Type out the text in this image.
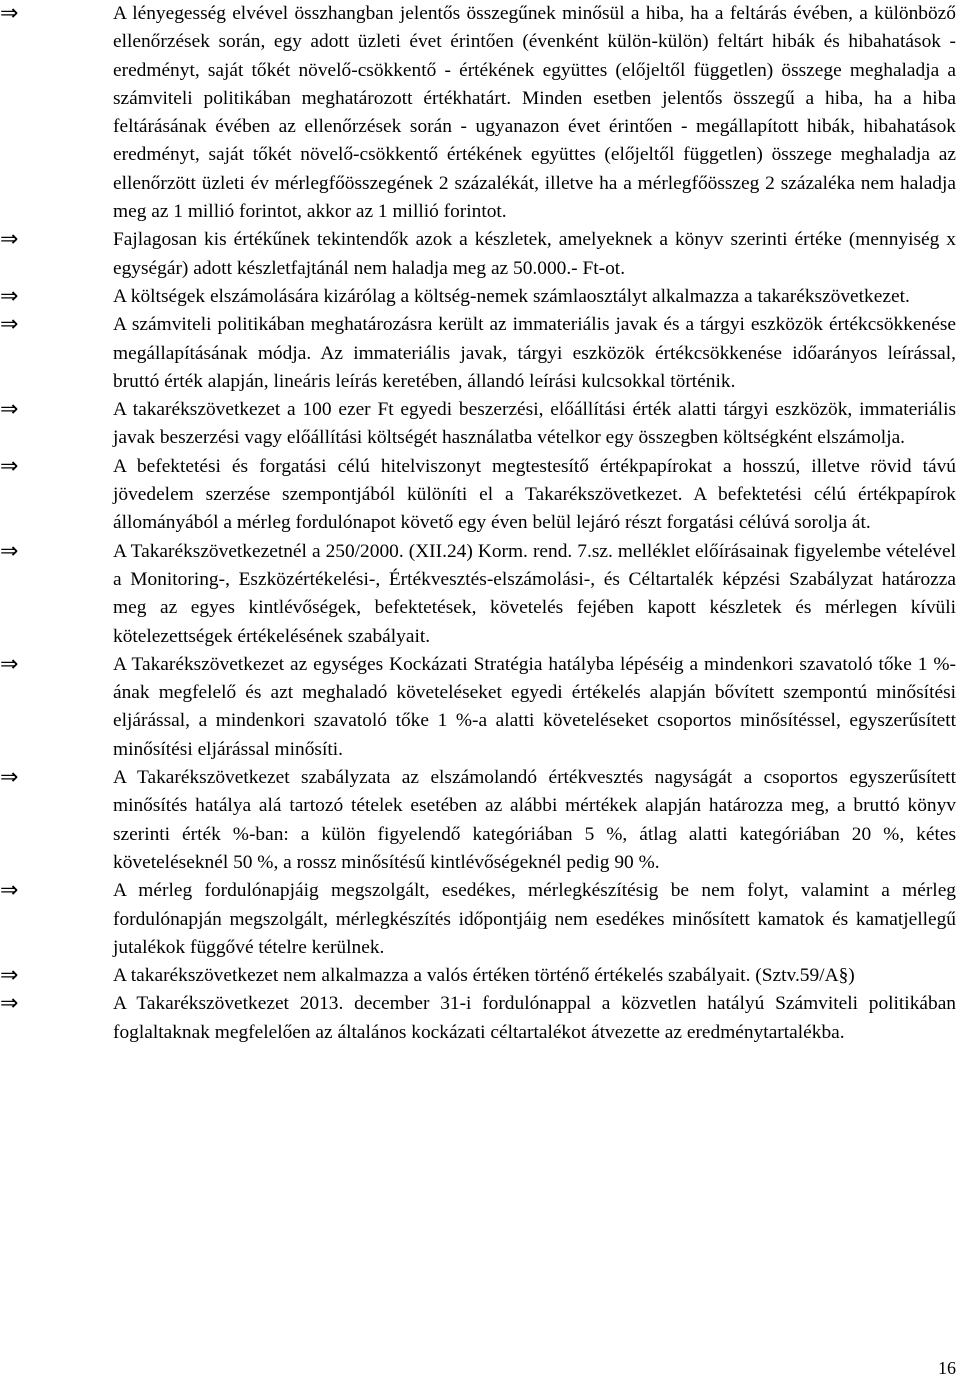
⇒	A lényegesség elvével összhangban jelentős összegűnek minősül a hiba, ha a feltárás évében, a különböző ellenőrzések során, egy adott üzleti évet érintően (évenként külön-külön) feltárt hibák és hibahatások - eredményt, saját tőkét növelő-csökkentő - értékének együttes (előjeltől független) összege meghaladja a számviteli politikában meghatározott értékhatárt. Minden esetben jelentős összegű a hiba, ha a hiba feltárásának évében az ellenőrzések során - ugyanazon évet érintően - megállapított hibák, hibahatások eredményt, saját tőkét növelő-csökkentő értékének együttes (előjeltől független) összege meghaladja az ellenőrzött üzleti év mérlegfőösszegének 2 százalékát, illetve ha a mérlegfőösszeg 2 százaléka nem haladja meg az 1 millió forintot, akkor az 1 millió forintot.
⇒	Fajlagosan kis értékűnek tekintendők azok a készletek, amelyeknek a könyv szerinti értéke (mennyiség x egységár) adott készletfajtánál nem haladja meg az 50.000.- Ft-ot.
⇒	A költségek elszámolására kizárólag a költség-nemek számlaosztályt alkalmazza a takarékszövetkezet.
⇒	A számviteli politikában meghatározásra került az immateriális javak és a tárgyi eszközök értékcsökkenése megállapításának módja. Az immateriális javak, tárgyi eszközök értékcsökkenése időarányos leírással, bruttó érték alapján, lineáris leírás keretében, állandó leírási kulcsokkal történik.
⇒	A takarékszövetkezet a 100 ezer Ft egyedi beszerzési, előállítási érték alatti tárgyi eszközök, immateriális javak beszerzési vagy előállítási költségét használatba vételkor egy összegben költségként elszámolja.
⇒	A befektetési és forgatási célú hitelviszonyt megtestesítő értékpapírokat a hosszú, illetve rövid távú jövedelem szerzése szempontjából különíti el a Takarékszövetkezet. A befektetési célú értékpapírok állományából a mérleg fordulónapot követő egy éven belül lejáró részt forgatási célúvá sorolja át.
⇒	A Takarékszövetkezetnél a 250/2000. (XII.24) Korm. rend. 7.sz. melléklet előírásainak figyelembe vételével a Monitoring-, Eszközértékelési-, Értékvesztés-elszámolási-, és Céltartalék képzési Szabályzat határozza meg az egyes kintlévőségek, befektetések, követelés fejében kapott készletek és mérlegen kívüli kötelezettségek értékelésének szabályait.
⇒	A Takarékszövetkezet az egységes Kockázati Stratégia hatályba lépéséig a mindenkori szavatoló tőke 1 %-ának megfelelő és azt meghaladó követeléseket egyedi értékelés alapján bővített szempontú minősítési eljárással, a mindenkori szavatoló tőke 1 %-a alatti követeléseket csoportos minősítéssel, egyszerűsített minősítési eljárással minősíti.
⇒	A Takarékszövetkezet szabályzata az elszámolandó értékvesztés nagyságát a csoportos egyszerűsített minősítés hatálya alá tartozó tételek esetében az alábbi mértékek alapján határozza meg, a bruttó könyv szerinti érték %-ban: a külön figyelendő kategóriában 5 %, átlag alatti kategóriában 20 %, kétes követeléseknél 50 %, a rossz minősítésű kintlévőségeknél pedig 90 %.
⇒	A mérleg fordulónapjáig megszolgált, esedékes, mérlegkészítésig be nem folyt, valamint a mérleg fordulónapján megszolgált, mérlegkészítés időpontjáig nem esedékes minősített kamatok és kamatjellegű jutalékok függővé tételre kerülnek.
⇒	A takarékszövetkezet nem alkalmazza a valós értéken történő értékelés szabályait. (Sztv.59/A§)
⇒	A Takarékszövetkezet 2013. december 31-i fordulónappal a közvetlen hatályú Számviteli politikában foglaltaknak megfelelően az általános kockázati céltartalékot átvezette az eredménytartalékba.
16
